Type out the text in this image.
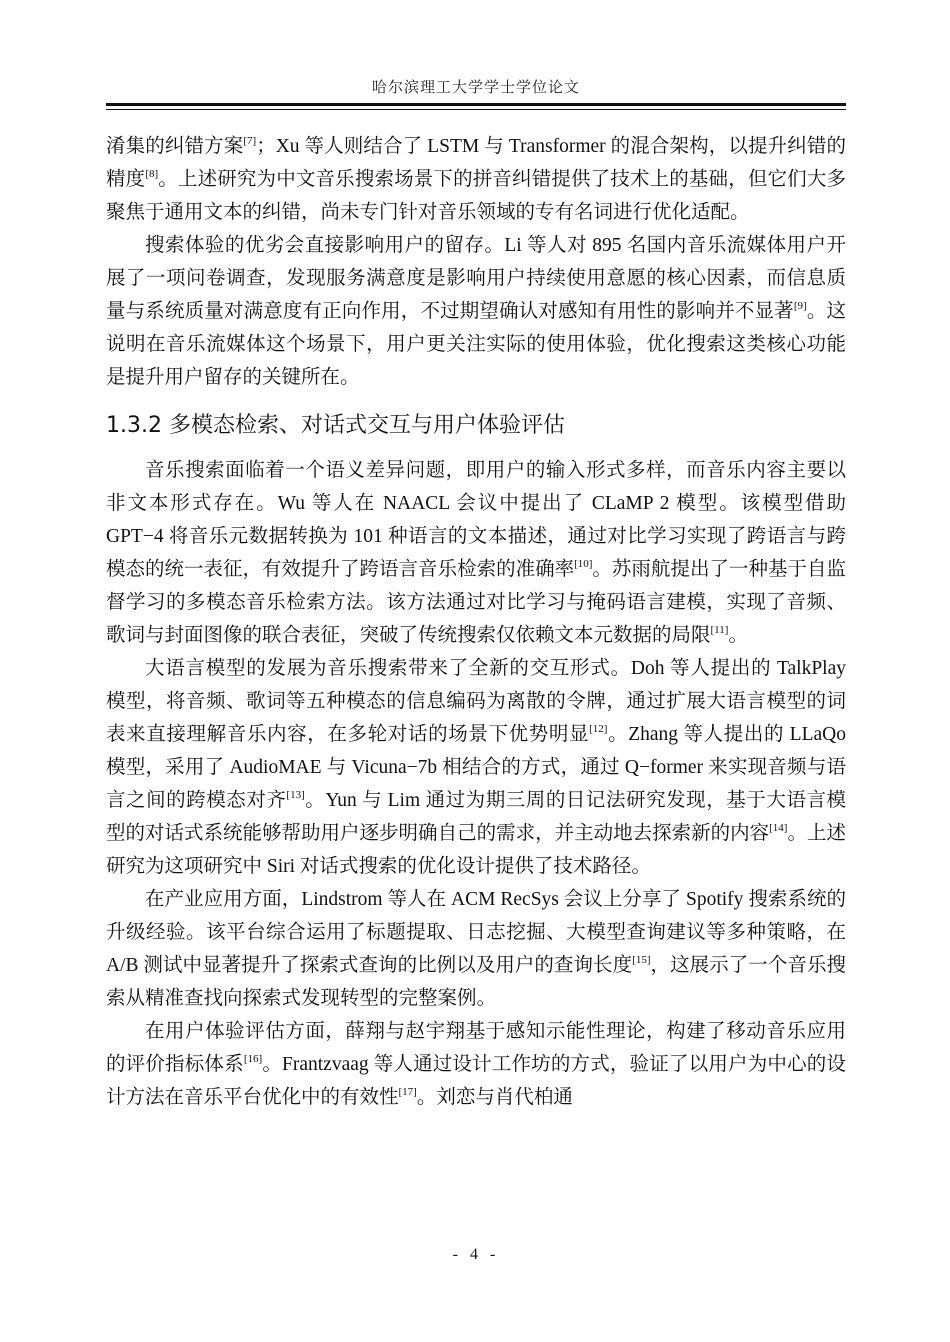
哈尔滨理工大学学士学位论文

淆集的纠错方案[7]；Xu 等人则结合了 LSTM 与 Transformer 的混合架构，以提升纠错的精度[8]。上述研究为中文音乐搜索场景下的拼音纠错提供了技术上的基础，但它们大多聚焦于通用文本的纠错，尚未专门针对音乐领域的专有名词进行优化适配。

搜索体验的优劣会直接影响用户的留存。Li 等人对 895 名国内音乐流媒体用户开展了一项问卷调查，发现服务满意度是影响用户持续使用意愿的核心因素，而信息质量与系统质量对满意度有正向作用，不过期望确认对感知有用性的影响并不显著[9]。这说明在音乐流媒体这个场景下，用户更关注实际的使用体验，优化搜索这类核心功能是提升用户留存的关键所在。

1.3.2 多模态检索、对话式交互与用户体验评估

音乐搜索面临着一个语义差异问题，即用户的输入形式多样，而音乐内容主要以非文本形式存在。Wu 等人在 NAACL 会议中提出了 CLaMP 2 模型。该模型借助 GPT−4 将音乐元数据转换为 101 种语言的文本描述，通过对比学习实现了跨语言与跨模态的统一表征，有效提升了跨语言音乐检索的准确率[10]。苏雨航提出了一种基于自监督学习的多模态音乐检索方法。该方法通过对比学习与掩码语言建模，实现了音频、歌词与封面图像的联合表征，突破了传统搜索仅依赖文本元数据的局限[11]。

大语言模型的发展为音乐搜索带来了全新的交互形式。Doh 等人提出的 TalkPlay 模型，将音频、歌词等五种模态的信息编码为离散的令牌，通过扩展大语言模型的词表来直接理解音乐内容，在多轮对话的场景下优势明显[12]。Zhang 等人提出的 LLaQo 模型，采用了 AudioMAE 与 Vicuna−7b 相结合的方式，通过 Q−former 来实现音频与语言之间的跨模态对齐[13]。Yun 与 Lim 通过为期三周的日记法研究发现，基于大语言模型的对话式系统能够帮助用户逐步明确自己的需求，并主动地去探索新的内容[14]。上述研究为这项研究中 Siri 对话式搜索的优化设计提供了技术路径。

在产业应用方面，Lindstrom 等人在 ACM RecSys 会议上分享了 Spotify 搜索系统的升级经验。该平台综合运用了标题提取、日志挖掘、大模型查询建议等多种策略，在 A/B 测试中显著提升了探索式查询的比例以及用户的查询长度[15]，这展示了一个音乐搜索从精准查找向探索式发现转型的完整案例。

在用户体验评估方面，薛翔与赵宇翔基于感知示能性理论，构建了移动音乐应用的评价指标体系[16]。Frantzvaag 等人通过设计工作坊的方式，验证了以用户为中心的设计方法在音乐平台优化中的有效性[17]。刘恋与肖代柏通

- 4 -
